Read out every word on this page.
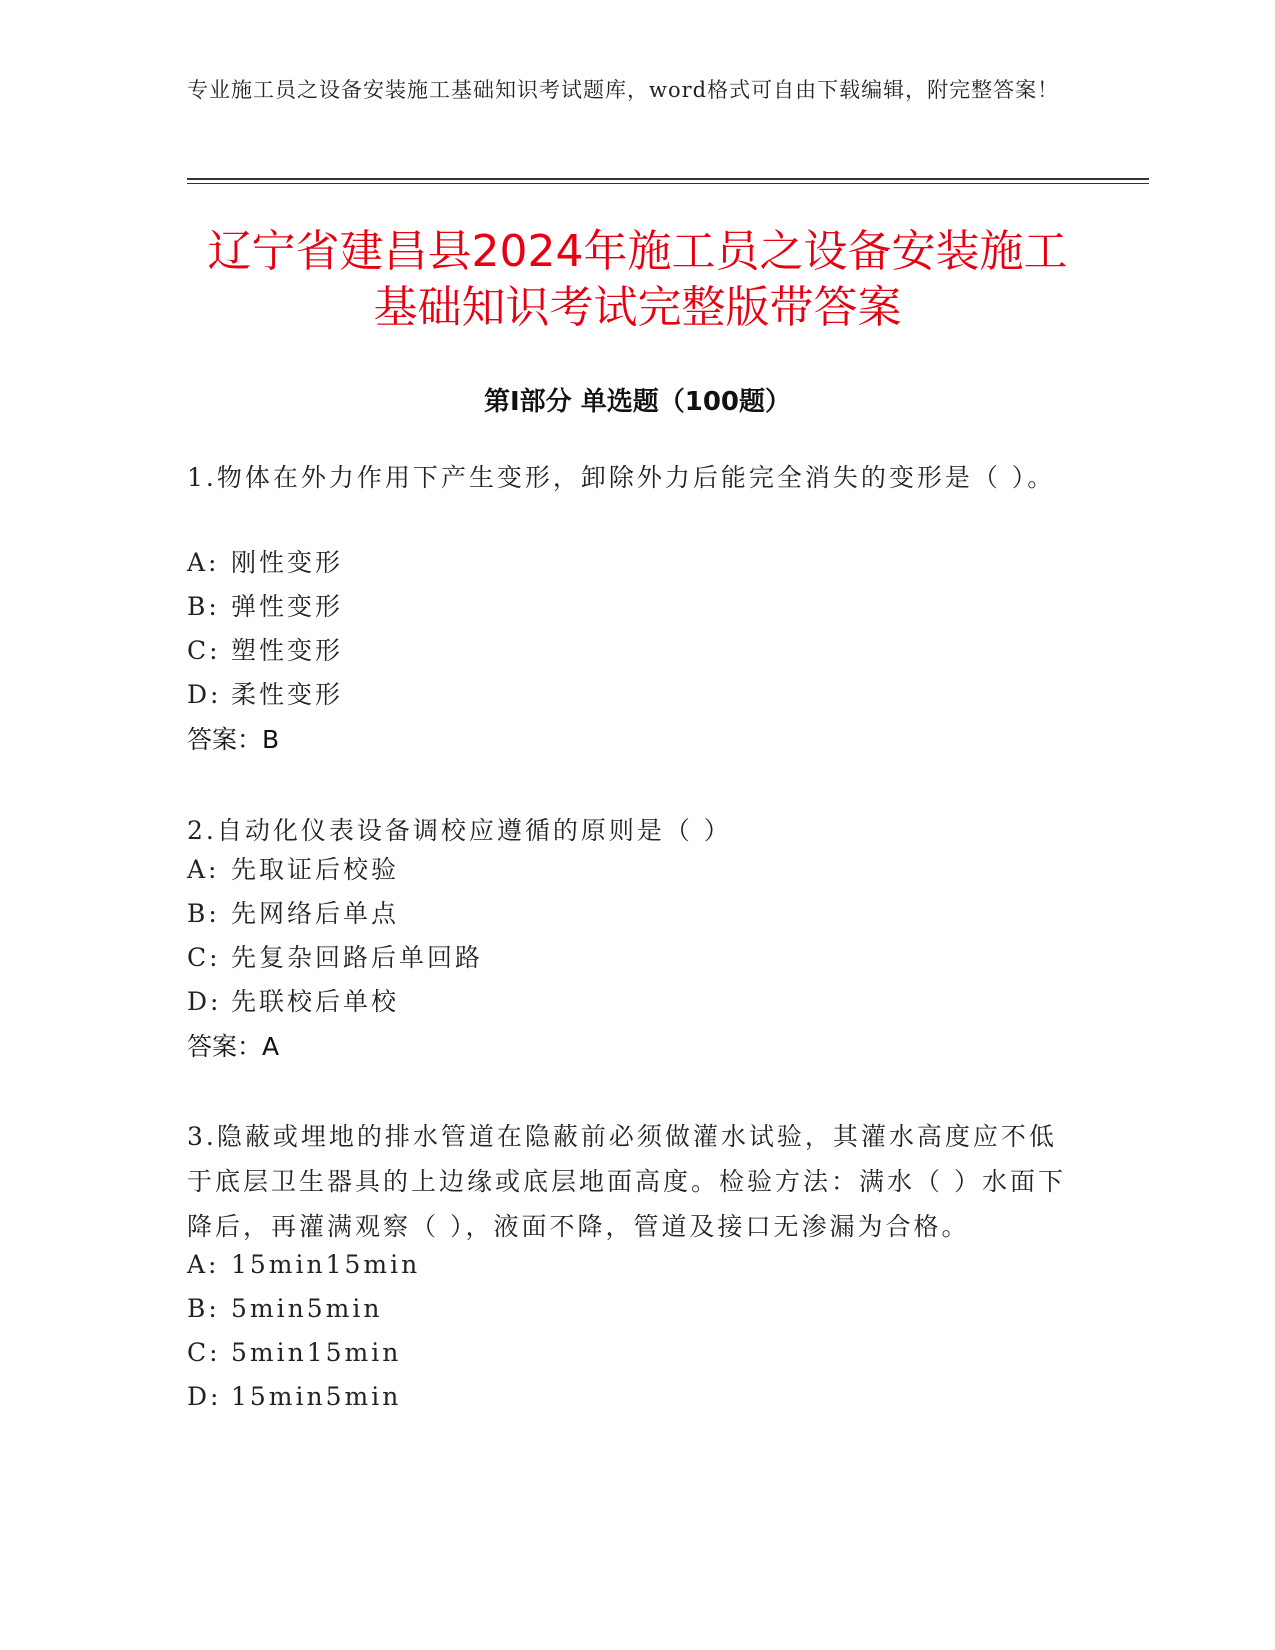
专业施工员之设备安装施工基础知识考试题库，word格式可自由下载编辑，附完整答案！
辽宁省建昌县2024年施工员之设备安装施工
基础知识考试完整版带答案
第Ⅰ部分 单选题（100题）

1.物体在外力作用下产生变形，卸除外力后能完全消失的变形是（ ）。

A: 刚性变形
B: 弹性变形
C: 塑性变形
D: 柔性变形
答案：B

2.自动化仪表设备调校应遵循的原则是（ ）

A: 先取证后校验
B: 先网络后单点
C: 先复杂回路后单回路
D: 先联校后单校
答案：A

3.隐蔽或埋地的排水管道在隐蔽前必须做灌水试验，其灌水高度应不低于底层卫生器具的上边缘或底层地面高度。检验方法：满水（ ）水面下降后，再灌满观察（ ），液面不降，管道及接口无渗漏为合格。

A: 15min15min
B: 5min5min
C: 5min15min
D: 15min5min
